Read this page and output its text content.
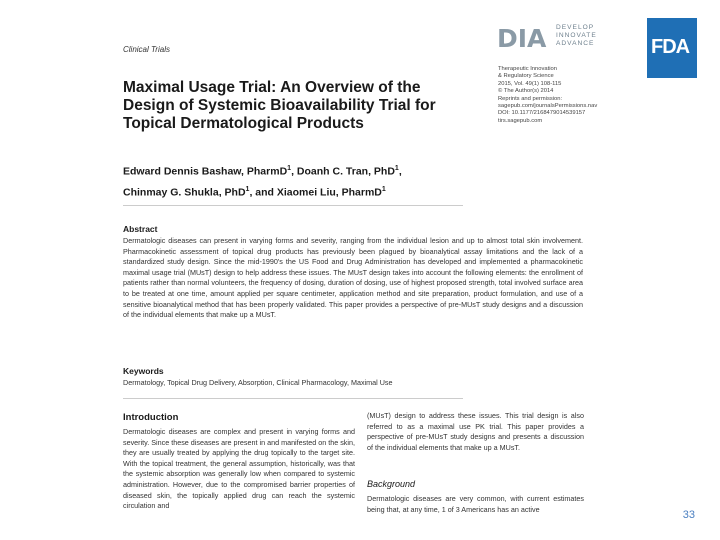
Clinical Trials	DIA	DEVELOP
INNOVATE
ADVANCE	FDA
Therapeutic Innovation
& Regulatory Science
2015, Vol. 49(1) 108-115
© The Author(s) 2014
Reprints and permission:
sagepub.com/journalsPermissions.nav
DOI: 10.1177/2168479014539157
tirs.sagepub.com
Maximal Usage Trial: An Overview of the Design of Systemic Bioavailability Trial for Topical Dermatological Products
Edward Dennis Bashaw, PharmD$^1$, Doanh C. Tran, PhD$^1$,
Chinmay G. Shukla, PhD$^1$, and Xiaomei Liu, PharmD$^1$
Abstract
Dermatologic diseases can present in varying forms and severity, ranging from the individual lesion and up to almost total skin involvement. Pharmacokinetic assessment of topical drug products has previously been plagued by bioanalytical assay limitations and the lack of a standardized study design. Since the mid-1990's the US Food and Drug Administration has developed and implemented a pharmacokinetic maximal usage trial (MUsT) design to help address these issues. The MUsT design takes into account the following elements: the enrollment of patients rather than normal volunteers, the frequency of dosing, duration of dosing, use of highest proposed strength, total involved surface area to be treated at one time, amount applied per square centimeter, application method and site preparation, product formulation, and use of a sensitive bioanalytical method that has been properly validated. This paper provides a perspective of pre-MUsT study designs and a discussion of the individual elements that make up a MUsT.
Keywords
Dermatology, Topical Drug Delivery, Absorption, Clinical Pharmacology, Maximal Use
Introduction
Dermatologic diseases are complex and present in varying forms and severity. Since these diseases are present in and manifested on the skin, they are usually treated by applying the drug topically to the target site. With the topical treatment, the general assumption, historically, was that the systemic absorption was generally low when compared to systemic administration. However, due to the compromised barrier properties of diseased skin, the topically applied drug can reach the systemic circulation and
(MUsT) design to address these issues. This trial design is also referred to as a maximal use PK trial. This paper provides a perspective of pre-MUsT study designs and presents a discussion of the individual elements that make up a MUsT.
Background
Dermatologic diseases are very common, with current estimates being that, at any time, 1 of 3 Americans has an active	33
